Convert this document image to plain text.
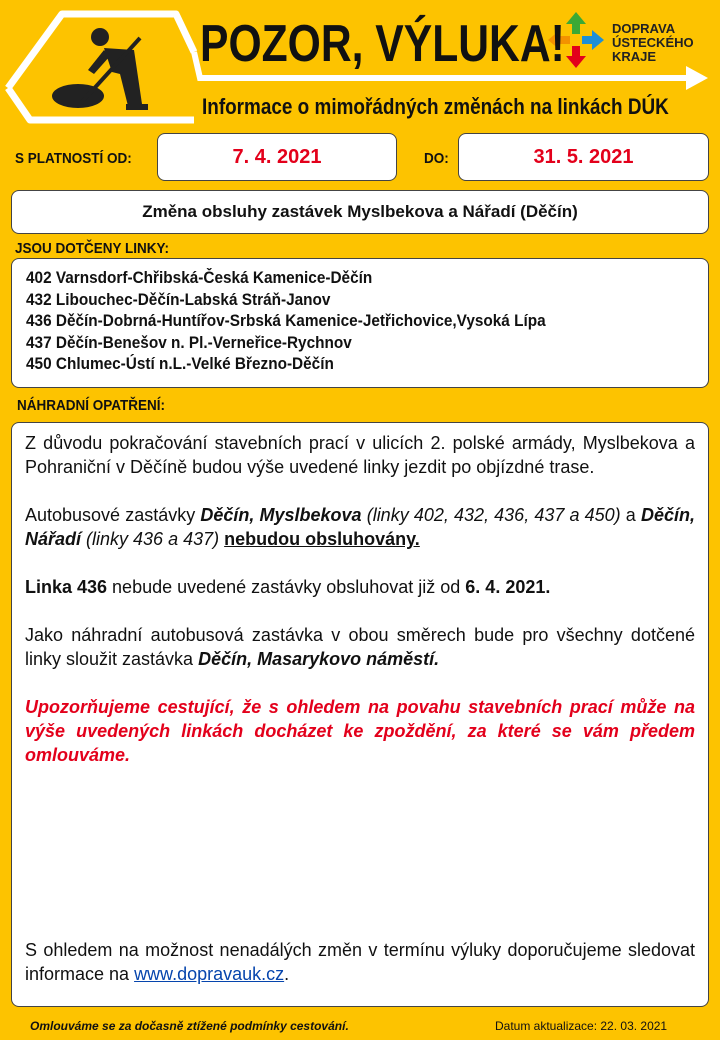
POZOR, VÝLUKA!
Informace o mimořádných změnách na linkách DÚK
DOPRAVA
ÚSTECKÉHO
KRAJE
S PLATNOSTÍ OD:	7. 4. 2021	DO:	31. 5. 2021
Změna obsluhy zastávek Myslbekova a Nářadí (Děčín)
JSOU DOTČENY LINKY:
402 Varnsdorf-Chřibská-Česká Kamenice-Děčín
432 Libouchec-Děčín-Labská Stráň-Janov
436 Děčín-Dobrná-Huntířov-Srbská Kamenice-Jetřichovice,Vysoká Lípa
437 Děčín-Benešov n. Pl.-Verneřice-Rychnov
450 Chlumec-Ústí n.L.-Velké Březno-Děčín
NÁHRADNÍ OPATŘENÍ:

Z důvodu pokračování stavebních prací v ulicích 2. polské armády, Myslbekova a Pohraniční v Děčíně budou výše uvedené linky jezdit po objízdné trase.

Autobusové zastávky Děčín, Myslbekova (linky 402, 432, 436, 437 a 450) a Děčín, Nářadí (linky 436 a 437) nebudou obsluhovány.

Linka 436 nebude uvedené zastávky obsluhovat již od 6. 4. 2021.

Jako náhradní autobusová zastávka v obou směrech bude pro všechny dotčené linky sloužit zastávka Děčín, Masarykovo náměstí.

Upozorňujeme cestující, že s ohledem na povahu stavebních prací může na výše uvedených linkách docházet ke zpoždění, za které se vám předem omlouváme.

S ohledem na možnost nenadálých změn v termínu výluky doporučujeme sledovat informace na www.dopravauk.cz.

Omlouváme se za dočasně ztížené podmínky cestování.	Datum aktualizace: 22. 03. 2021
